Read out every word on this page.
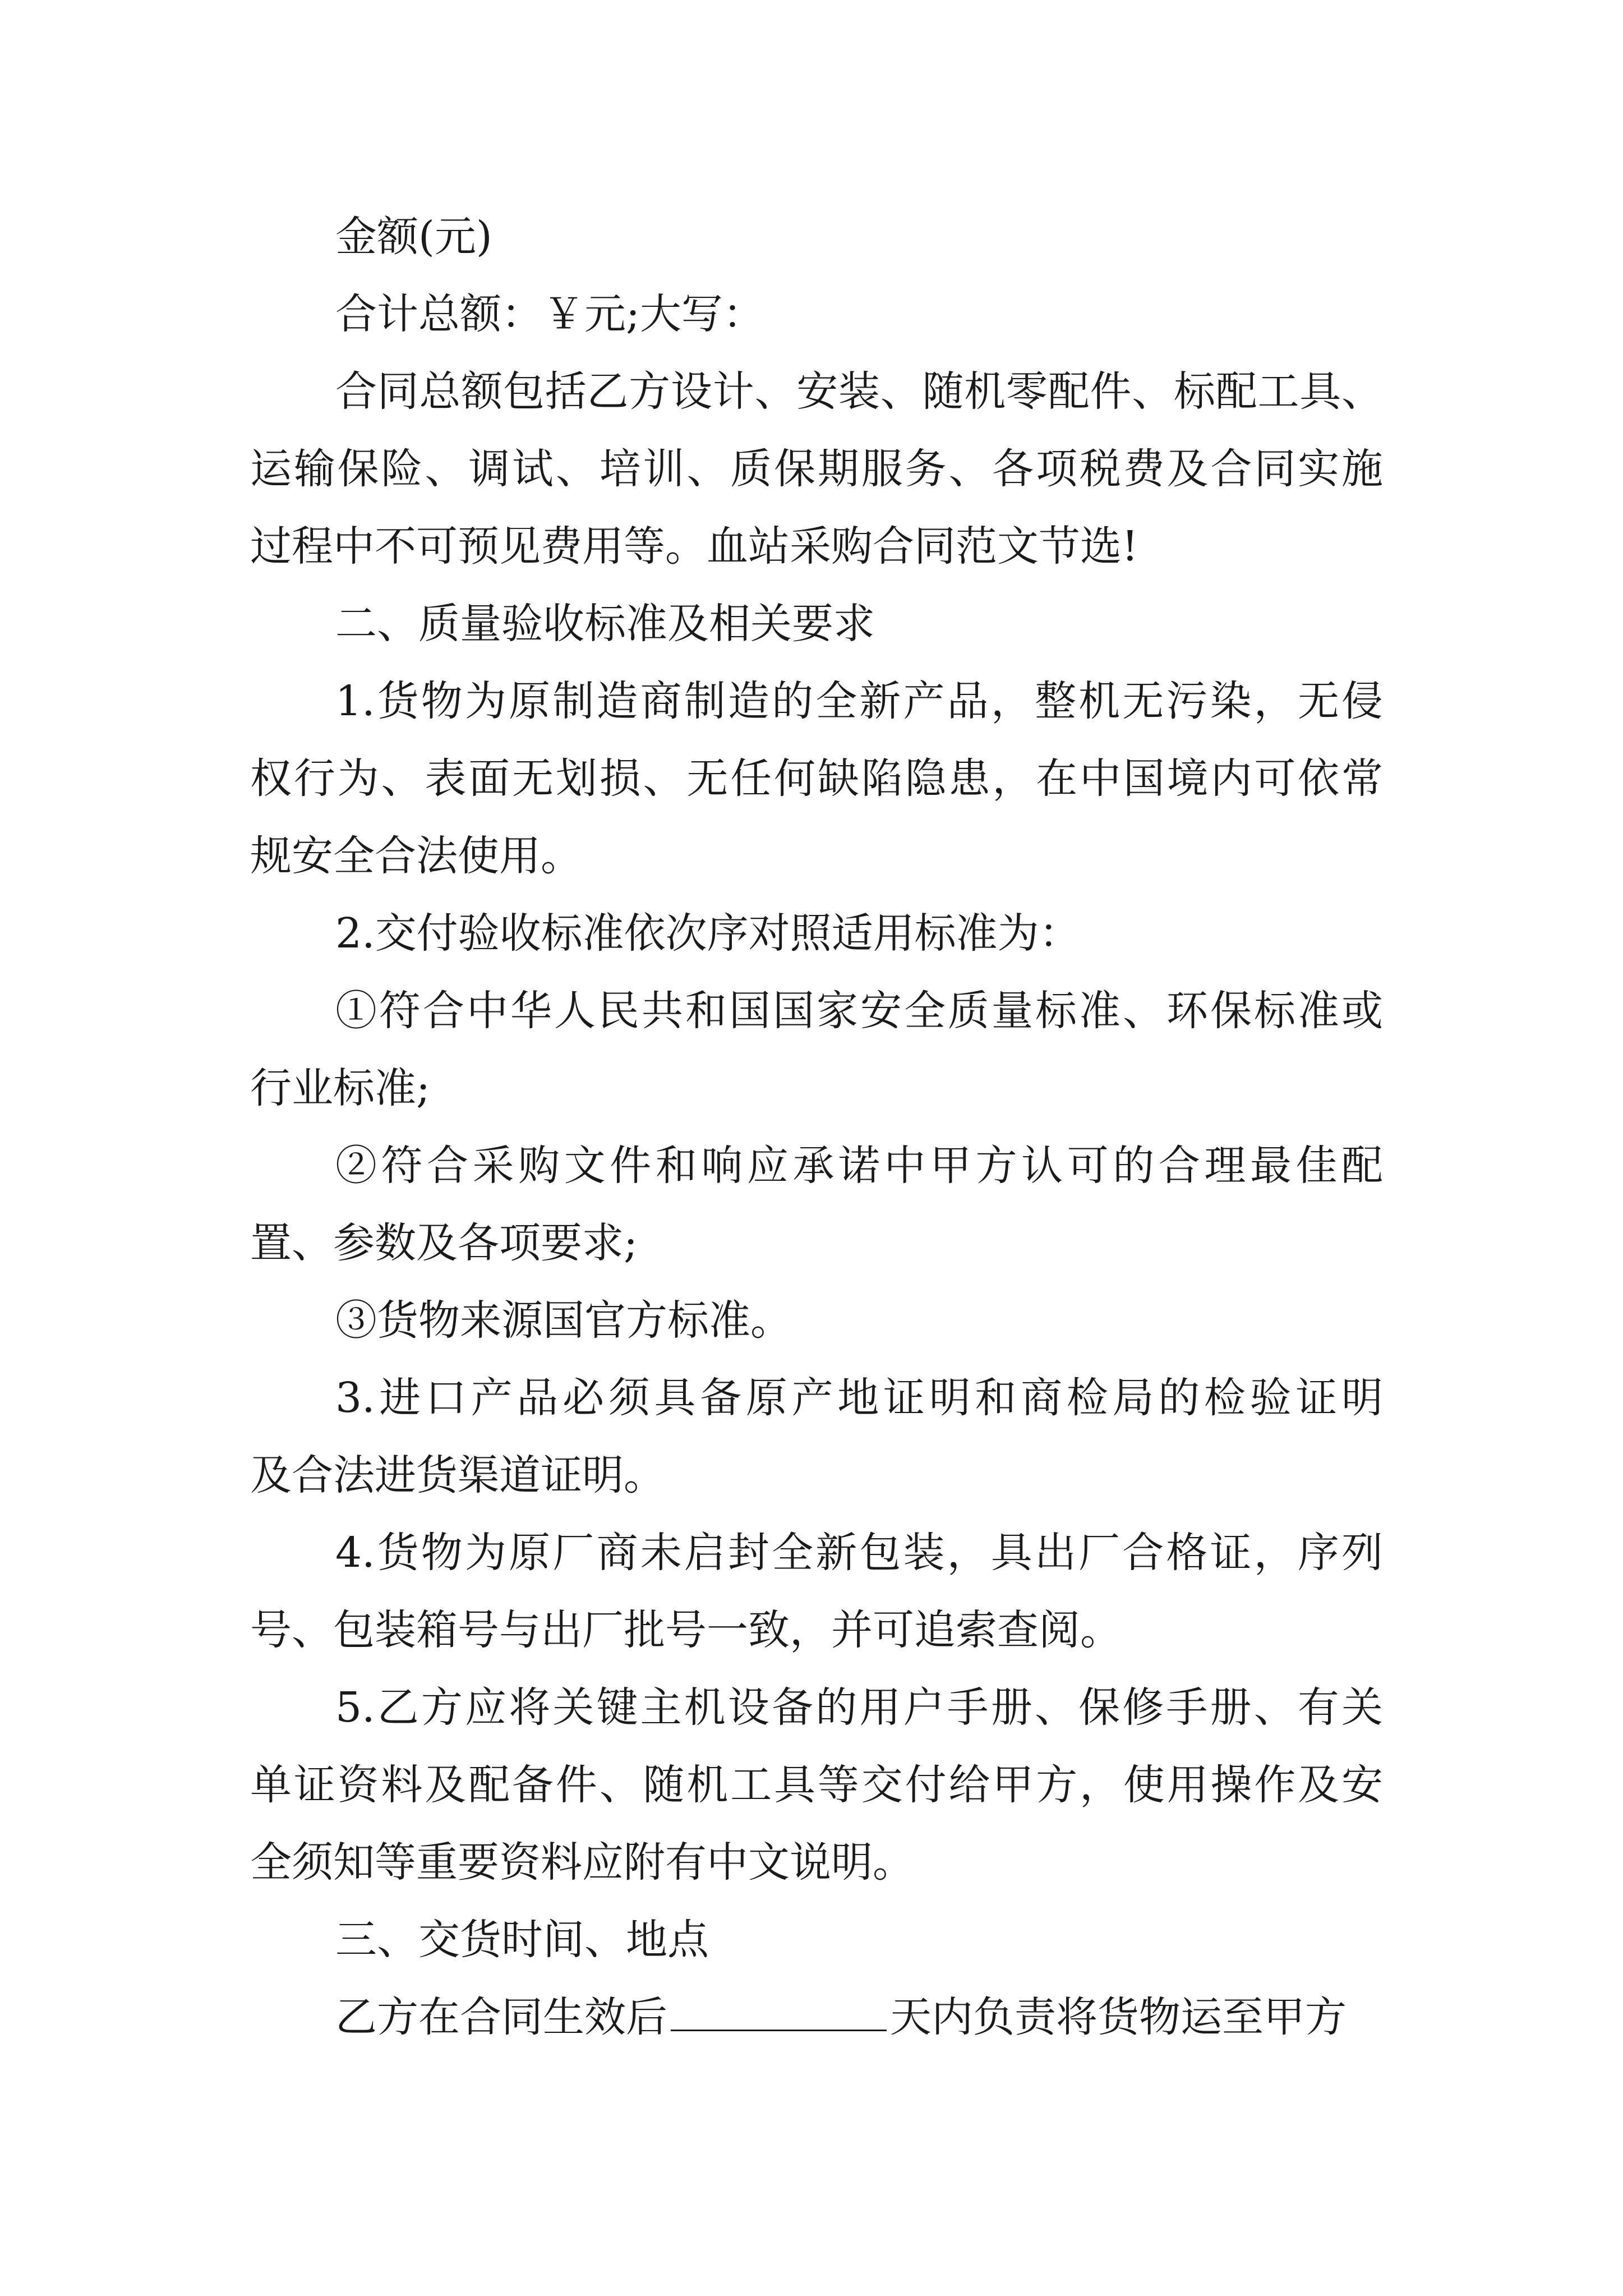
金额(元)
合计总额：￥元;大写：
合同总额包括乙方设计、安装、随机零配件、标配工具、
运输保险、调试、培训、质保期服务、各项税费及合同实施
过程中不可预见费用等。血站采购合同范文节选!
二、质量验收标准及相关要求
1.货物为原制造商制造的全新产品，整机无污染，无侵
权行为、表面无划损、无任何缺陷隐患，在中国境内可依常
规安全合法使用。
2.交付验收标准依次序对照适用标准为：
①符合中华人民共和国国家安全质量标准、环保标准或
行业标准;
②符合采购文件和响应承诺中甲方认可的合理最佳配
置、参数及各项要求;
③货物来源国官方标准。
3.进口产品必须具备原产地证明和商检局的检验证明
及合法进货渠道证明。
4.货物为原厂商未启封全新包装，具出厂合格证，序列
号、包装箱号与出厂批号一致，并可追索查阅。
5.乙方应将关键主机设备的用户手册、保修手册、有关
单证资料及配备件、随机工具等交付给甲方，使用操作及安
全须知等重要资料应附有中文说明。
三、交货时间、地点
乙方在合同生效后	天内负责将货物运至甲方
